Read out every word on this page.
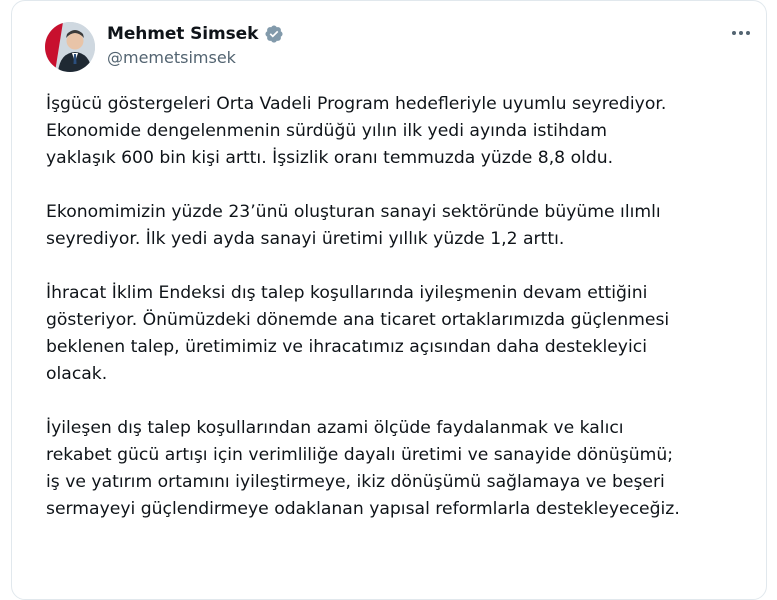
Mehmet Simsek
@memetsimsek

İşgücü göstergeleri Orta Vadeli Program hedefleriyle uyumlu seyrediyor.
Ekonomide dengelenmenin sürdüğü yılın ilk yedi ayında istihdam
yaklaşık 600 bin kişi arttı. İşsizlik oranı temmuzda yüzde 8,8 oldu.

Ekonomimizin yüzde 23’ünü oluşturan sanayi sektöründe büyüme ılımlı
seyrediyor. İlk yedi ayda sanayi üretimi yıllık yüzde 1,2 arttı.

İhracat İklim Endeksi dış talep koşullarında iyileşmenin devam ettiğini
gösteriyor. Önümüzdeki dönemde ana ticaret ortaklarımızda güçlenmesi
beklenen talep, üretimimiz ve ihracatımız açısından daha destekleyici
olacak.

İyileşen dış talep koşullarından azami ölçüde faydalanmak ve kalıcı
rekabet gücü artışı için verimliliğe dayalı üretimi ve sanayide dönüşümü;
iş ve yatırım ortamını iyileştirmeye, ikiz dönüşümü sağlamaya ve beşeri
sermayeyi güçlendirmeye odaklanan yapısal reformlarla destekleyeceğiz.
